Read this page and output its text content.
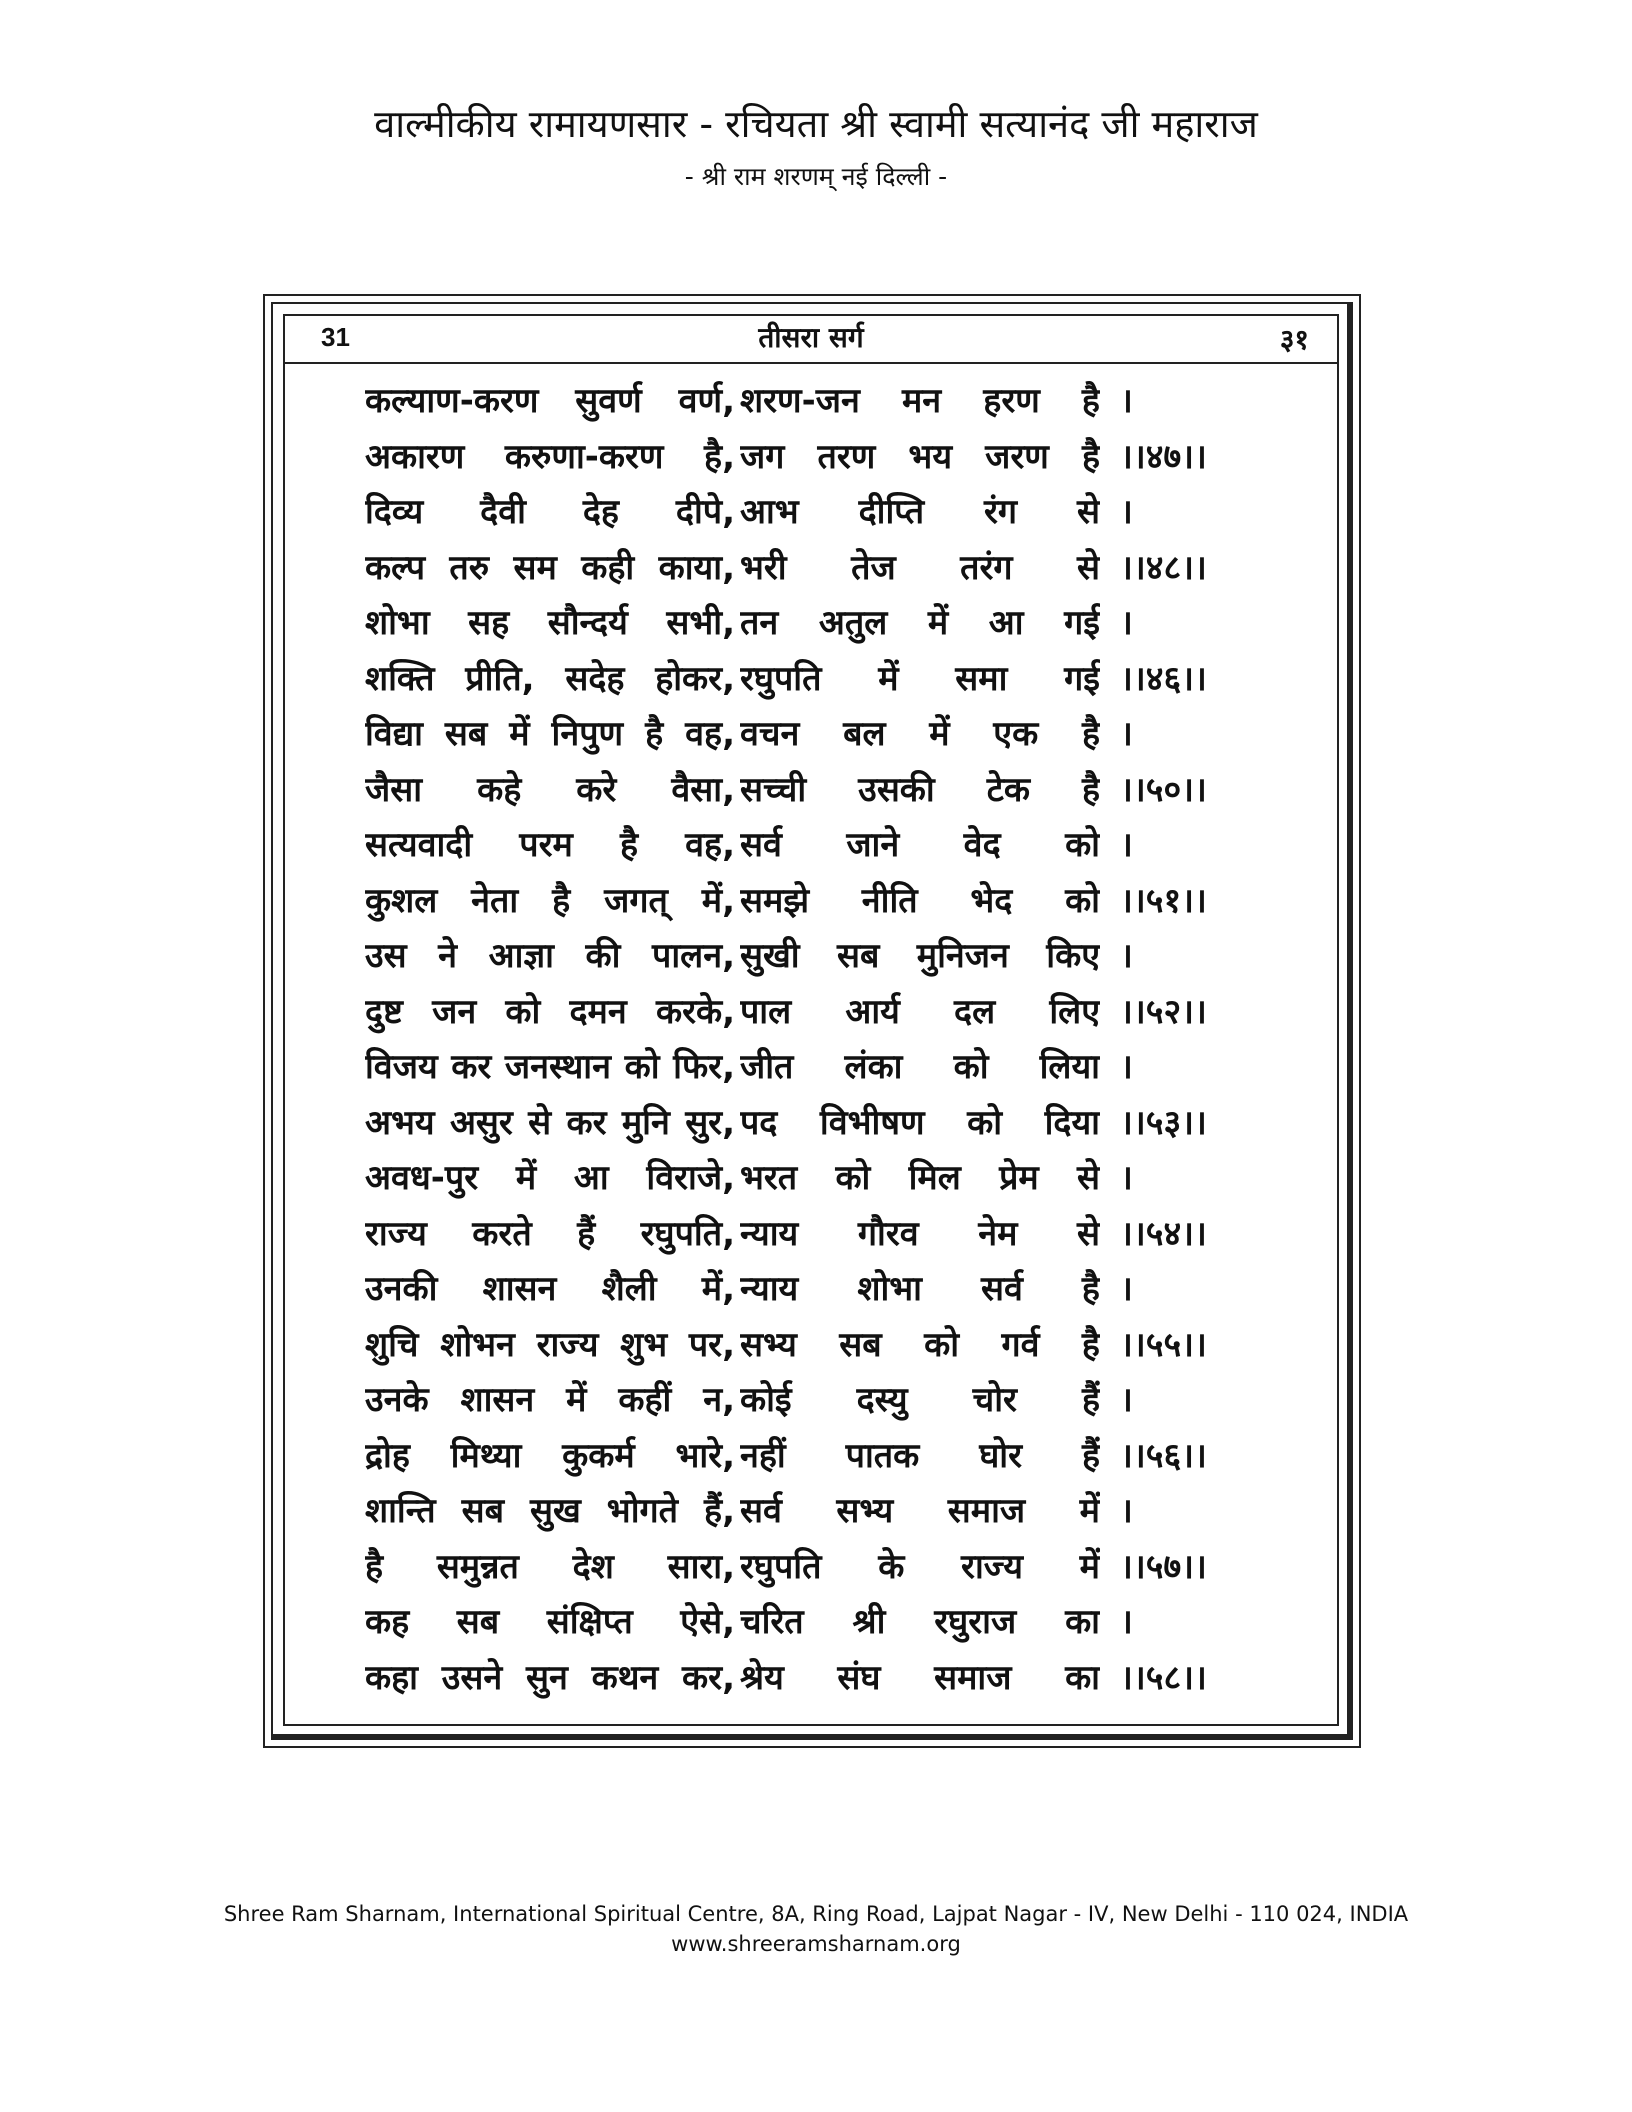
वाल्मीकीय रामायणसार - रचियता श्री स्वामी सत्यानंद जी महाराज
- श्री राम शरणम् नई दिल्ली -
31	तीसरा सर्ग	३१
कल्याण-करण सुवर्ण वर्ण, शरण-जन मन हरण है ।
अकारण करुणा-करण है, जग तरण भय जरण है ।।४७।।
दिव्य दैवी देह दीपे, आभ दीप्ति रंग से ।
कल्प तरु सम कही काया, भरी तेज तरंग से ।।४८।।
शोभा सह सौन्दर्य सभी, तन अतुल में आ गई ।
शक्ति प्रीति, सदेह होकर, रघुपति में समा गई ।।४६।।
विद्या सब में निपुण है वह, वचन बल में एक है ।
जैसा कहे करे वैसा, सच्ची उसकी टेक है ।।५०।।
सत्यवादी परम है वह, सर्व जाने वेद को ।
कुशल नेता है जगत् में, समझे नीति भेद को ।।५१।।
उस ने आज्ञा की पालन, सुखी सब मुनिजन किए ।
दुष्ट जन को दमन करके, पाल आर्य दल लिए ।।५२।।
विजय कर जनस्थान को फिर, जीत लंका को लिया ।
अभय असुर से कर मुनि सुर, पद विभीषण को दिया ।।५३।।
अवध-पुर में आ विराजे, भरत को मिल प्रेम से ।
राज्य करते हैं रघुपति, न्याय गौरव नेम से ।।५४।।
उनकी शासन शैली में, न्याय शोभा सर्व है ।
शुचि शोभन राज्य शुभ पर, सभ्य सब को गर्व है ।।५५।।
उनके शासन में कहीं न, कोई दस्यु चोर हैं ।
द्रोह मिथ्या कुकर्म भारे, नहीं पातक घोर हैं ।।५६।।
शान्ति सब सुख भोगते हैं, सर्व सभ्य समाज में ।
है समुन्नत देश सारा, रघुपति के राज्य में ।।५७।।
कह सब संक्षिप्त ऐसे, चरित श्री रघुराज का ।
कहा उसने सुन कथन कर, श्रेय संघ समाज का ।।५८।।
Shree Ram Sharnam, International Spiritual Centre, 8A, Ring Road, Lajpat Nagar - IV, New Delhi - 110 024, INDIA
www.shreeramsharnam.org
